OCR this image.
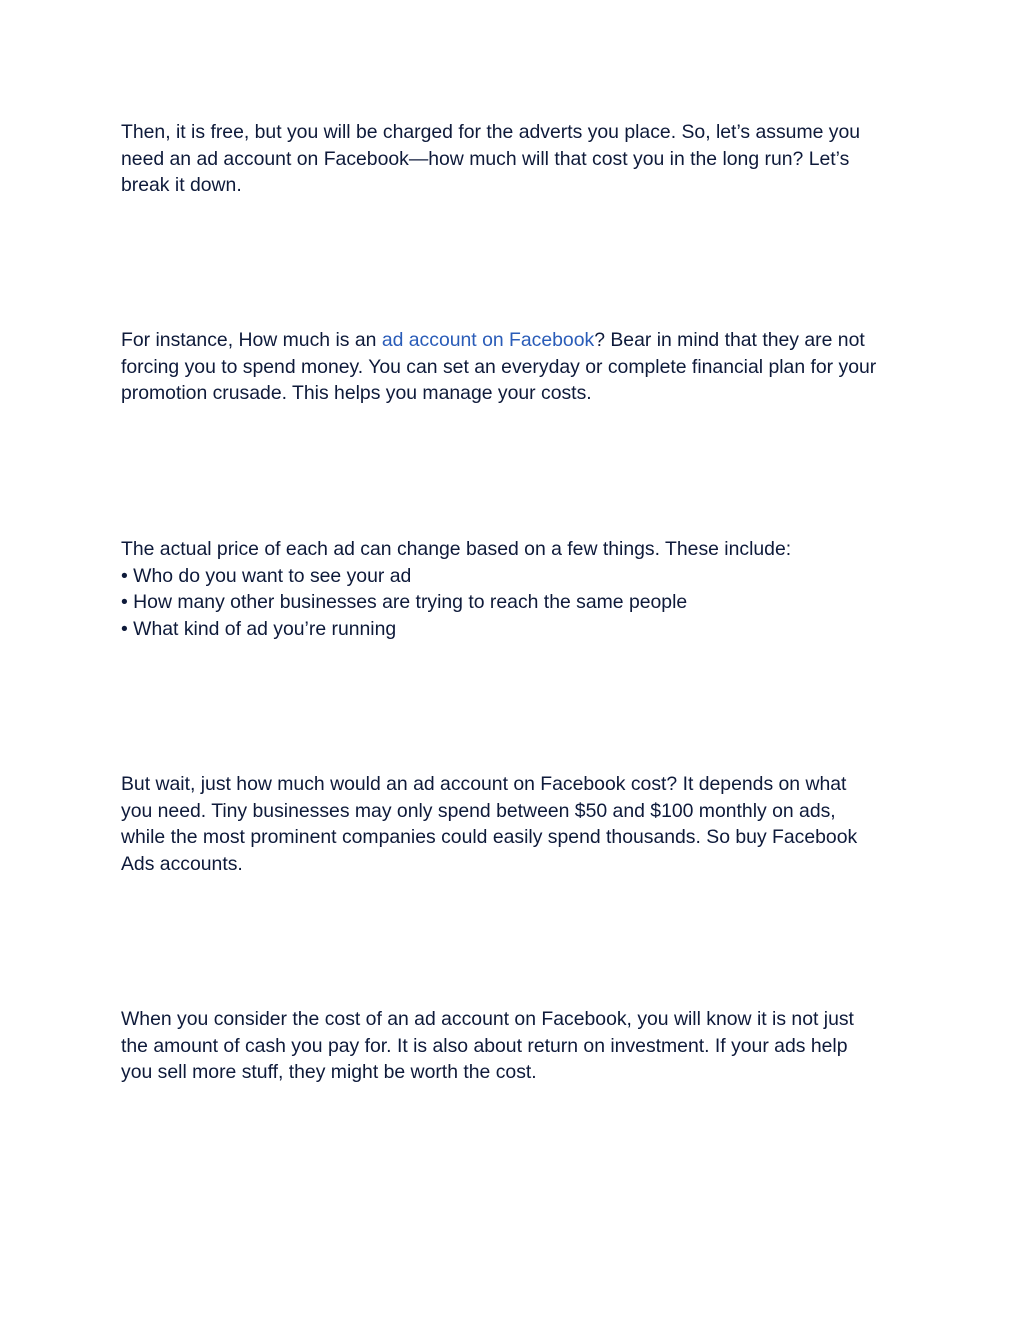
Then, it is free, but you will be charged for the adverts you place. So, let’s assume you
need an ad account on Facebook—how much will that cost you in the long run? Let’s
break it down.

For instance, How much is an ad account on Facebook? Bear in mind that they are not
forcing you to spend money. You can set an everyday or complete financial plan for your
promotion crusade. This helps you manage your costs.

The actual price of each ad can change based on a few things. These include:
• Who do you want to see your ad
• How many other businesses are trying to reach the same people
• What kind of ad you’re running

But wait, just how much would an ad account on Facebook cost? It depends on what
you need. Tiny businesses may only spend between $50 and $100 monthly on ads,
while the most prominent companies could easily spend thousands. So buy Facebook
Ads accounts.

When you consider the cost of an ad account on Facebook, you will know it is not just
the amount of cash you pay for. It is also about return on investment. If your ads help
you sell more stuff, they might be worth the cost.
